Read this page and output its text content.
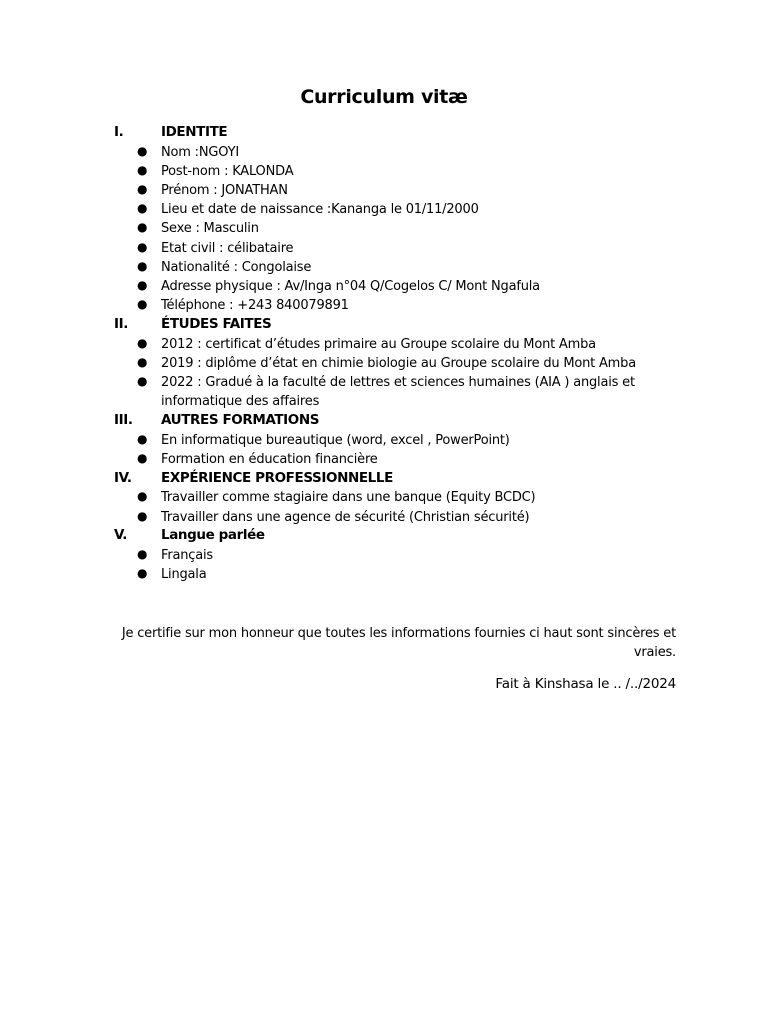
Curriculum vitæ
I.	IDENTITE
● Nom :NGOYI
● Post-nom : KALONDA
● Prénom : JONATHAN
● Lieu et date de naissance :Kananga le 01/11/2000
● Sexe : Masculin
● Etat civil : célibataire
● Nationalité : Congolaise
● Adresse physique : Av/Inga n°04 Q/Cogelos C/ Mont Ngafula
● Téléphone : +243 840079891
II.	ÉTUDES FAITES
● 2012 : certificat d’études primaire au Groupe scolaire du Mont Amba
● 2019 : diplôme d’état en chimie biologie au Groupe scolaire du Mont Amba
● 2022 : Gradué à la faculté de lettres et sciences humaines (AIA ) anglais et informatique des affaires
III.	AUTRES FORMATIONS
● En informatique bureautique (word, excel , PowerPoint)
● Formation en éducation financière
IV.	EXPÉRIENCE PROFESSIONNELLE
● Travailler comme stagiaire dans une banque (Equity BCDC)
● Travailler dans une agence de sécurité (Christian sécurité)
V.	Langue parlée
● Français
● Lingala
Je certifie sur mon honneur que toutes les informations fournies ci haut sont sincères et
vraies.
Fait à Kinshasa le .. /../2024
